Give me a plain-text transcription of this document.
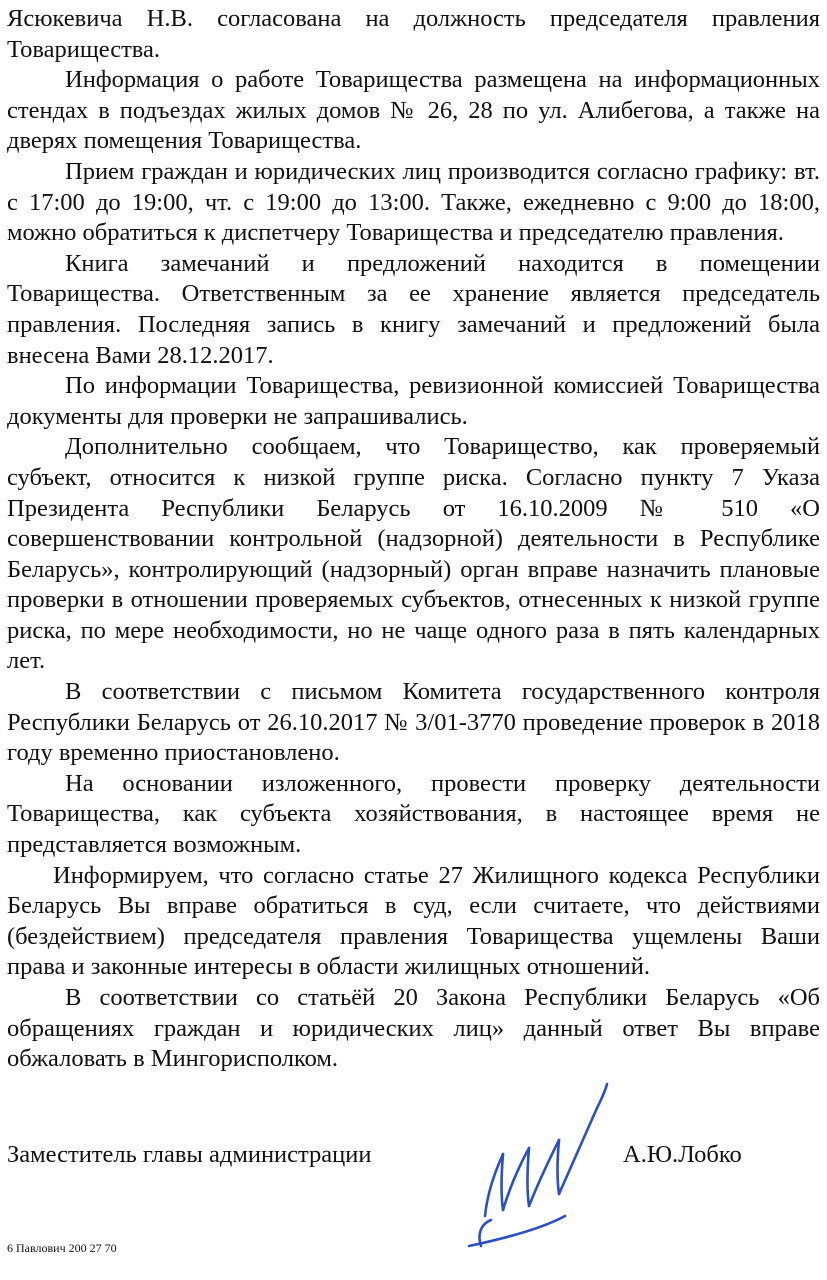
Ясюкевича Н.В. согласована на должность председателя правления Товарищества.

Информация о работе Товарищества размещена на информационных стендах в подъездах жилых домов № 26, 28 по ул. Алибегова, а также на дверях помещения Товарищества.

Прием граждан и юридических лиц производится согласно графику: вт. с 17:00 до 19:00, чт. с 19:00 до 13:00. Также, ежедневно с 9:00 до 18:00, можно обратиться к диспетчеру Товарищества и председателю правления.

Книга замечаний и предложений находится в помещении Товарищества. Ответственным за ее хранение является председатель правления. Последняя запись в книгу замечаний и предложений была внесена Вами 28.12.2017.

По информации Товарищества, ревизионной комиссией Товарищества документы для проверки не запрашивались.

Дополнительно сообщаем, что Товарищество, как проверяемый субъект, относится к низкой группе риска. Согласно пункту 7 Указа Президента Республики Беларусь от 16.10.2009 № 510 «О совершенствовании контрольной (надзорной) деятельности в Республике Беларусь», контролирующий (надзорный) орган вправе назначить плановые проверки в отношении проверяемых субъектов, отнесенных к низкой группе риска, по мере необходимости, но не чаще одного раза в пять календарных лет.

В соответствии с письмом Комитета государственного контроля Республики Беларусь от 26.10.2017 № 3/01-3770 проведение проверок в 2018 году временно приостановлено.

На основании изложенного, провести проверку деятельности Товарищества, как субъекта хозяйствования, в настоящее время не представляется возможным.

Информируем, что согласно статье 27 Жилищного кодекса Республики Беларусь Вы вправе обратиться в суд, если считаете, что действиями (бездействием) председателя правления Товарищества ущемлены Ваши права и законные интересы в области жилищных отношений.

В соответствии со статьёй 20 Закона Республики Беларусь «Об обращениях граждан и юридических лиц» данный ответ Вы вправе обжаловать в Мингорисполком.

Заместитель главы администрации	А.Ю.Лобко
6 Павлович 200 27 70
